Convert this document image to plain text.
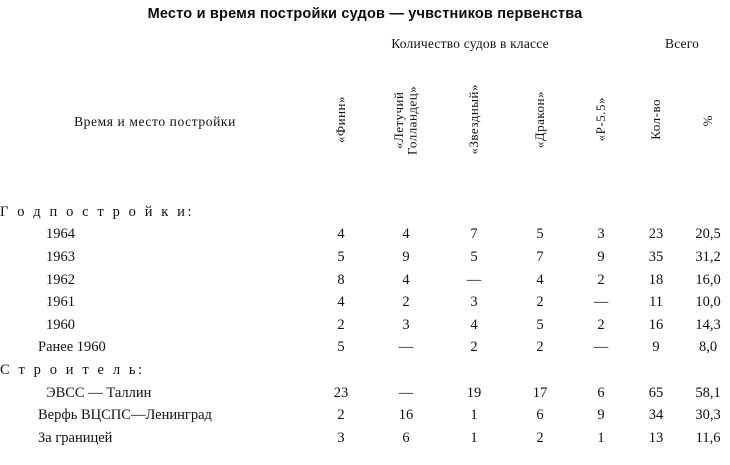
Место и время постройки судов — учвстников первенства
	Количество судов в классе					Всего	

Время и место постройки	«Финн»	«Летучий Голландец»	«Звездный»	«Дракон»	«Р-5.5»	Кол-во	%

Г о д п о с т р о й к и:							
1964	4	4	7	5	3	23	20,5
1963	5	9	5	7	9	35	31,2
1962	8	4	—	4	2	18	16,0
1961	4	2	3	2	—	11	10,0
1960	2	3	4	5	2	16	14,3
Ранее 1960	5	—	2	2	—	9	8,0
С т р о и т е л ь:							
ЭВСС — Таллин	23	—	19	17	6	65	58,1
Верфь ВЦСПС—Ленинград	2	16	1	6	9	34	30,3
За границей	3	6	1	2	1	13	11,6
